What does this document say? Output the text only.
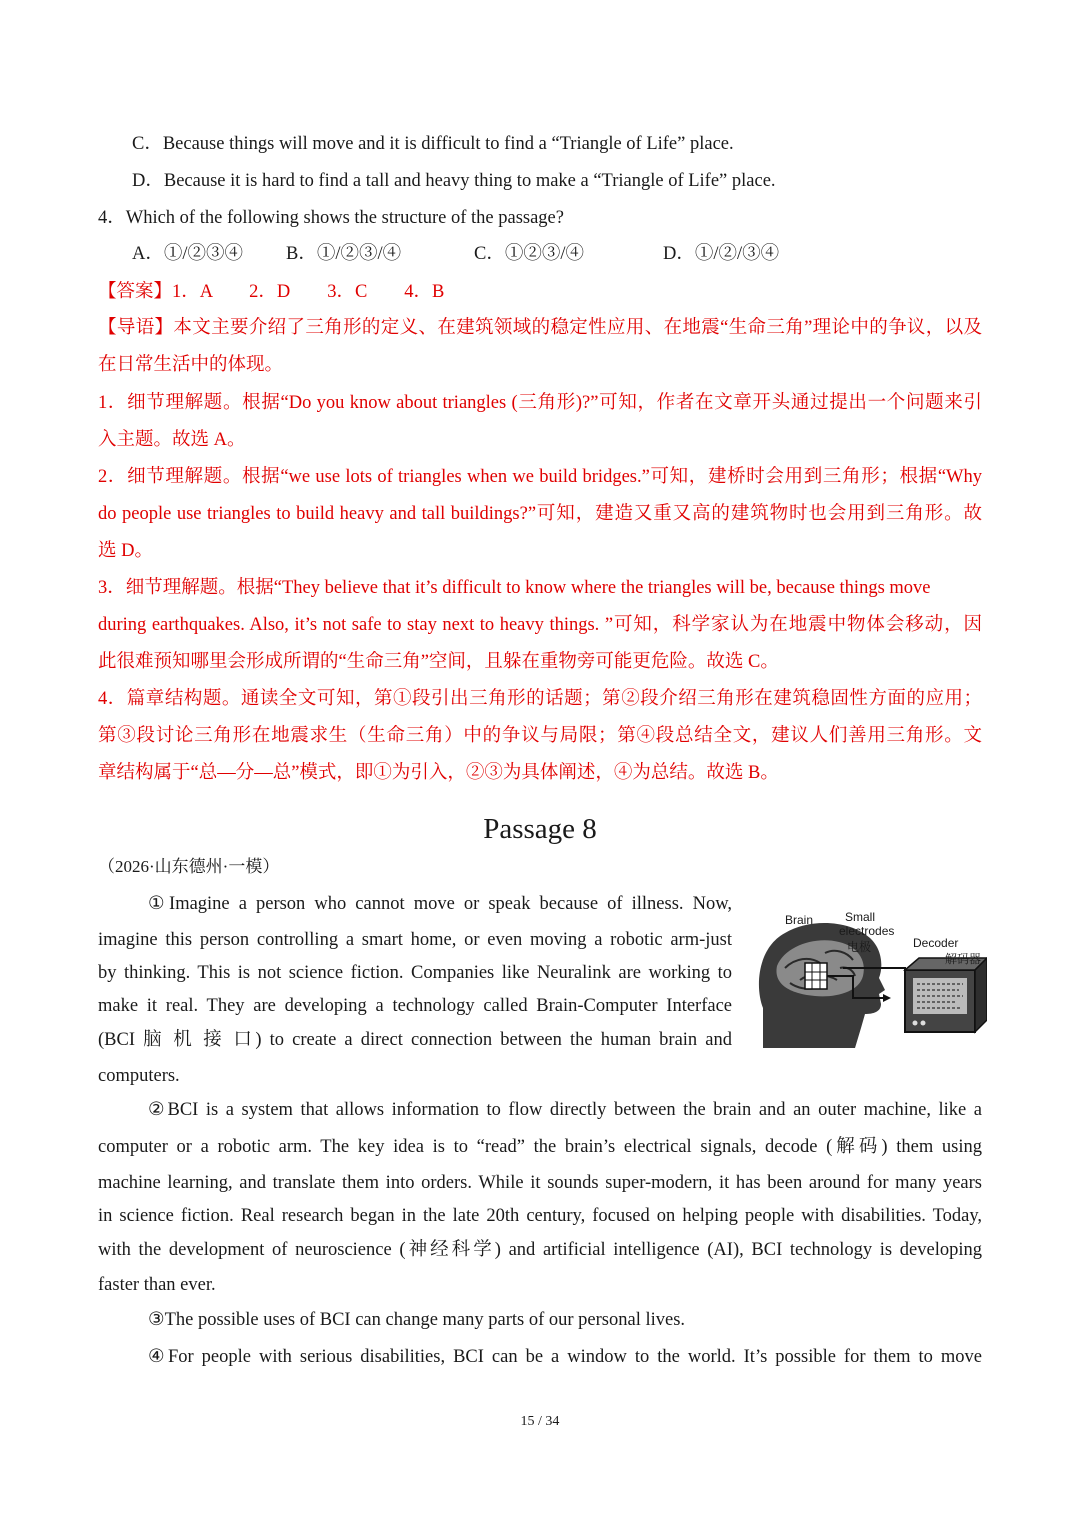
C．Because things will move and it is difficult to find a “Triangle of Life” place.
D．Because it is hard to find a tall and heavy thing to make a “Triangle of Life” place.
4．Which of the following shows the structure of the passage?
A．①/②③④ B．①/②③/④	C．①②③/④	D．①/②/③④
【答案】1．A　　2．D　　3．C　　4．B
【导语】本文主要介绍了三角形的定义、在建筑领域的稳定性应用、在地震“生命三角”理论中的争议，以及
在日常生活中的体现。
1．细节理解题。根据“Do you know about triangles (三角形)?”可知，作者在文章开头通过提出一个问题来引
入主题。故选 A。
2．细节理解题。根据“we use lots of triangles when we build bridges.”可知，建桥时会用到三角形；根据“Why
do people use triangles to build heavy and tall buildings?”可知，建造又重又高的建筑物时也会用到三角形。故
选 D。
3．细节理解题。根据“They believe that it’s difficult to know where the triangles will be, because things move
during earthquakes. Also, it’s not safe to stay next to heavy things. ”可知，科学家认为在地震中物体会移动，因
此很难预知哪里会形成所谓的“生命三角”空间，且躲在重物旁可能更危险。故选 C。
4．篇章结构题。通读全文可知，第①段引出三角形的话题；第②段介绍三角形在建筑稳固性方面的应用；
第③段讨论三角形在地震求生（生命三角）中的争议与局限；第④段总结全文，建议人们善用三角形。文
章结构属于“总—分—总”模式，即①为引入，②③为具体阐述，④为总结。故选 B。
Passage 8
（2026·山东德州·一模）
①Imagine a person who cannot move or speak because of illness. Now,
imagine this person controlling a smart home, or even moving a robotic arm-just
by thinking. This is not science fiction. Companies like Neuralink are working to
make it real. They are developing a technology called Brain-Computer Interface
(BCI 脑 机 接 口) to create a direct connection between the human brain and
computers.
Brain	Small
electrodes
电极	Decoder
解码器
②BCI is a system that allows information to flow directly between the brain and an outer machine, like a
computer or a robotic arm. The key idea is to “read” the brain’s electrical signals, decode (解码) them using
machine learning, and translate them into orders. While it sounds super-modern, it has been around for many years
in science fiction. Real research began in the late 20th century, focused on helping people with disabilities. Today,
with the development of neuroscience (神经科学) and artificial intelligence (AI), BCI technology is developing
faster than ever.
③The possible uses of BCI can change many parts of our personal lives.
④For people with serious disabilities, BCI can be a window to the world. It’s possible for them to move
15 / 34
